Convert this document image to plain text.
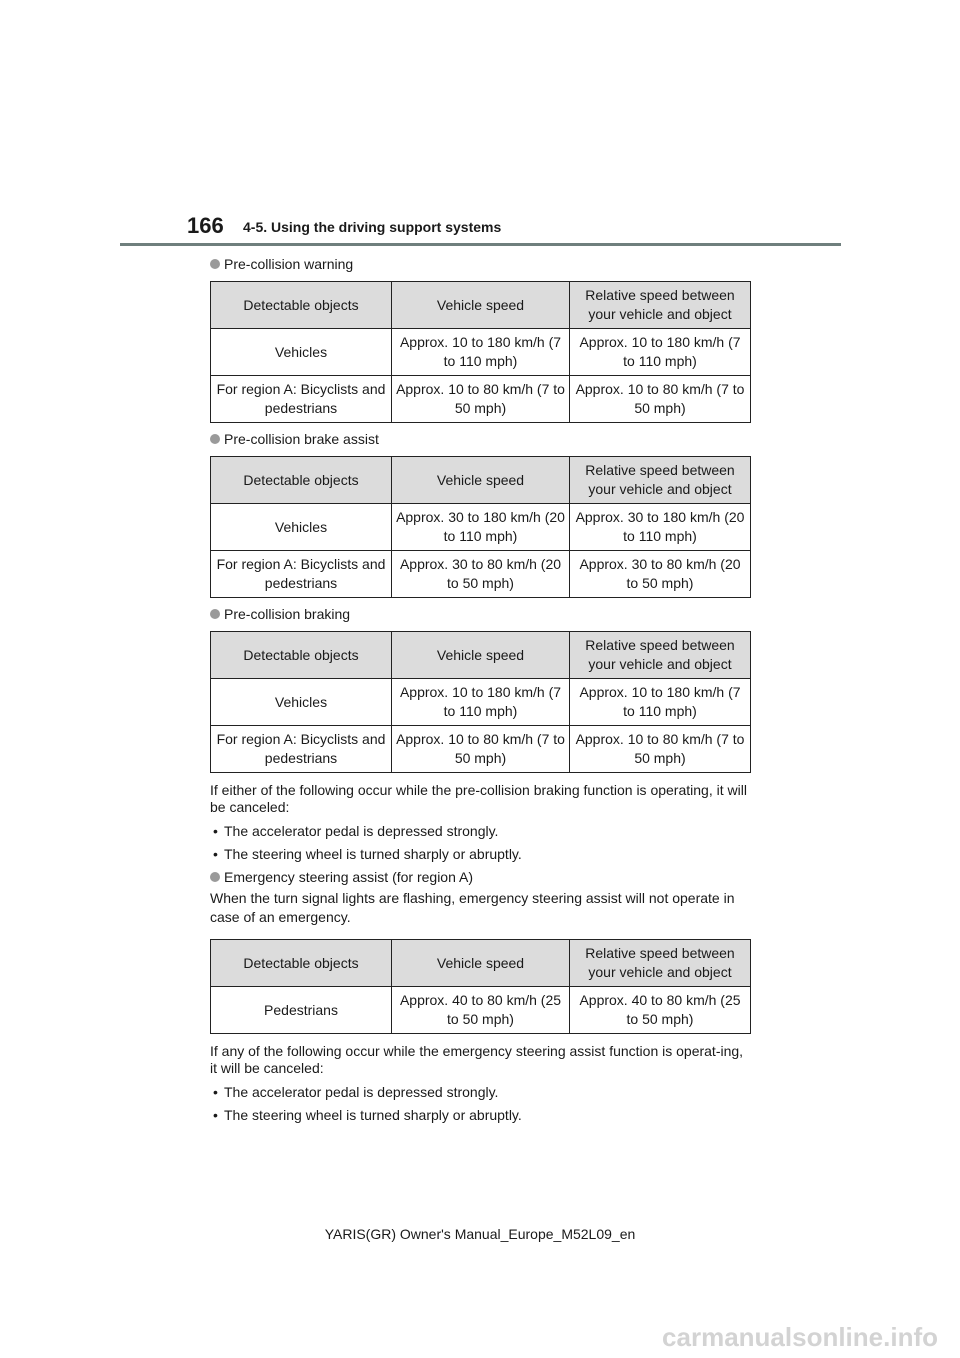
166 4-5. Using the driving support systems

Pre-collision warning

Detectable objects	Vehicle speed	Relative speed between your vehicle and object
Vehicles	Approx. 10 to 180 km/h (7 to 110 mph)	Approx. 10 to 180 km/h (7 to 110 mph)
For region A: Bicyclists and pedestrians	Approx. 10 to 80 km/h (7 to 50 mph)	Approx. 10 to 80 km/h (7 to 50 mph)

Pre-collision brake assist

Detectable objects	Vehicle speed	Relative speed between your vehicle and object
Vehicles	Approx. 30 to 180 km/h (20 to 110 mph)	Approx. 30 to 180 km/h (20 to 110 mph)
For region A: Bicyclists and pedestrians	Approx. 30 to 80 km/h (20 to 50 mph)	Approx. 30 to 80 km/h (20 to 50 mph)

Pre-collision braking

Detectable objects	Vehicle speed	Relative speed between your vehicle and object
Vehicles	Approx. 10 to 180 km/h (7 to 110 mph)	Approx. 10 to 180 km/h (7 to 110 mph)
For region A: Bicyclists and pedestrians	Approx. 10 to 80 km/h (7 to 50 mph)	Approx. 10 to 80 km/h (7 to 50 mph)

If either of the following occur while the pre-collision braking function is operating, it will be canceled:

• The accelerator pedal is depressed strongly.

• The steering wheel is turned sharply or abruptly.

Emergency steering assist (for region A)

When the turn signal lights are flashing, emergency steering assist will not operate in case of an emergency.

Detectable objects	Vehicle speed	Relative speed between your vehicle and object
Pedestrians	Approx. 40 to 80 km/h (25 to 50 mph)	Approx. 40 to 80 km/h (25 to 50 mph)

If any of the following occur while the emergency steering assist function is operat-ing, it will be canceled:

• The accelerator pedal is depressed strongly.

• The steering wheel is turned sharply or abruptly.

YARIS(GR) Owner's Manual_Europe_M52L09_en
carmanualsonline.info
